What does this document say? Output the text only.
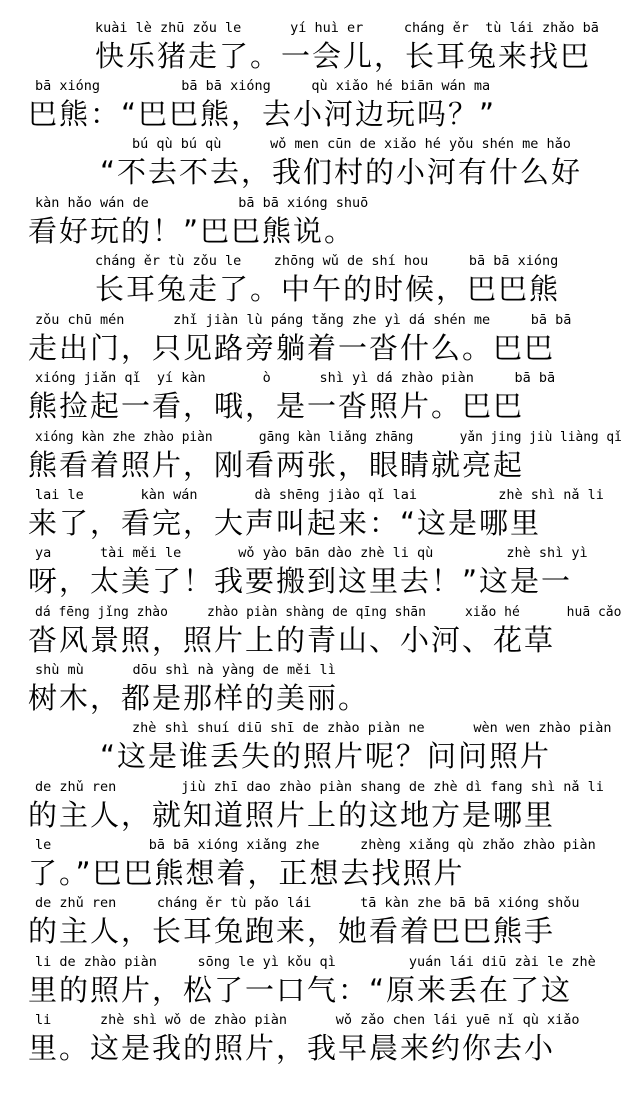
kuài lè zhū zǒu le      yí huì er     cháng ěr  tù lái zhǎo bā
快乐猪走了。一会儿，长耳兔来找巴
bā xióng          bā bā xióng     qù xiǎo hé biān wán ma
巴熊：“巴巴熊，去小河边玩吗？”
bú qù bú qù      wǒ men cūn de xiǎo hé yǒu shén me hǎo
“不去不去，我们村的小河有什么好
kàn hǎo wán de           bā bā xióng shuō
看好玩的！”巴巴熊说。
cháng ěr tù zǒu le    zhōng wǔ de shí hou     bā bā xióng
长耳兔走了。中午的时候，巴巴熊
zǒu chū mén      zhǐ jiàn lù páng tǎng zhe yì dá shén me     bā bā
走出门，只见路旁躺着一沓什么。巴巴
xióng jiǎn qǐ  yí kàn       ò      shì yì dá zhào piàn     bā bā
熊捡起一看，哦，是一沓照片。巴巴
xióng kàn zhe zhào piàn      gāng kàn liǎng zhāng      yǎn jing jiù liàng qǐ
熊看着照片，刚看两张，眼睛就亮起
lai le       kàn wán       dà shēng jiào qǐ lai          zhè shì nǎ li
来了，看完，大声叫起来：“这是哪里
ya      tài měi le       wǒ yào bān dào zhè li qù         zhè shì yì
呀，太美了！我要搬到这里去！”这是一
dá fēng jǐng zhào     zhào piàn shàng de qīng shān     xiǎo hé      huā cǎo
沓风景照，照片上的青山、小河、花草
shù mù      dōu shì nà yàng de měi lì
树木，都是那样的美丽。
zhè shì shuí diū shī de zhào piàn ne      wèn wen zhào piàn
“这是谁丢失的照片呢？问问照片
de zhǔ ren        jiù zhī dao zhào piàn shang de zhè dì fang shì nǎ li
的主人，就知道照片上的这地方是哪里
le            bā bā xióng xiǎng zhe     zhèng xiǎng qù zhǎo zhào piàn
了。”巴巴熊想着，正想去找照片
de zhǔ ren     cháng ěr tù pǎo lái      tā kàn zhe bā bā xióng shǒu
的主人，长耳兔跑来，她看着巴巴熊手
li de zhào piàn     sōng le yì kǒu qì         yuán lái diū zài le zhè
里的照片，松了一口气：“原来丢在了这
li      zhè shì wǒ de zhào piàn      wǒ zǎo chen lái yuē nǐ qù xiǎo
里。这是我的照片，我早晨来约你去小
